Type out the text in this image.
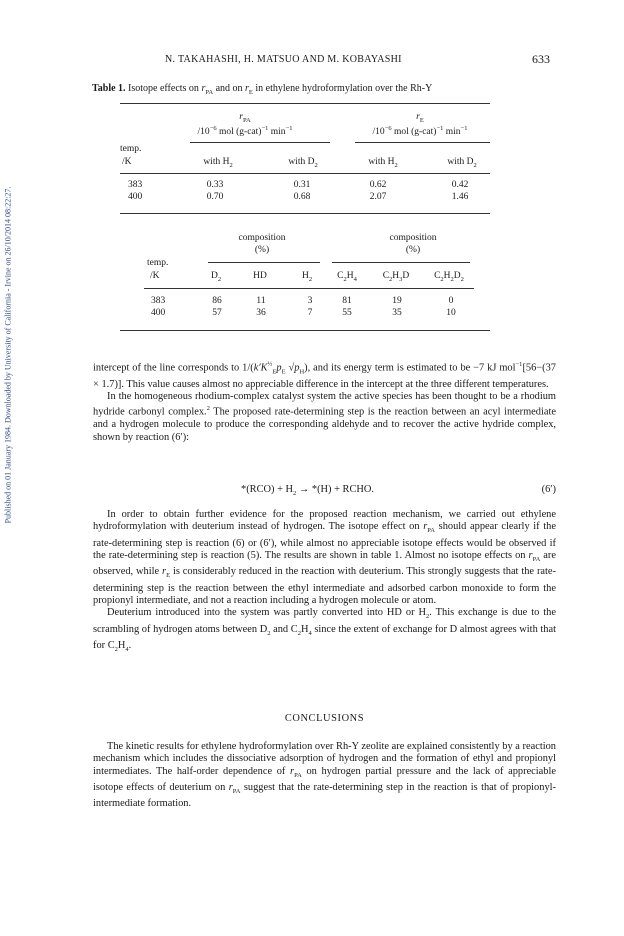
Published on 01 January 1984. Downloaded by University of California - Irvine on 26/10/2014 08:22:27.
N. TAKAHASHI, H. MATSUO AND M. KOBAYASHI	633
Table 1. Isotope effects on $r_{PA}$ and on $r_E$ in ethylene hydroformylation over the Rh-Y
$r_{PA}$
$/10^{-6}$ mol $(g-cat)^{-1}$ $\min^{-1}$
$r_E$
$/10^{-6}$ mol $(g-cat)^{-1}$ $\min^{-1}$
temp.
/K	with $H_2$	with $D_2$	with $H_2$	with $D_2$
383	0.33	0.31	0.62	0.42
400	0.70	0.68	2.07	1.46
composition
(%)
composition
(%)
temp.
/K	$D_2$	HD	$H_2$	$C_2H_4$	$C_2H_3D$	$C_2H_2D_2$
383	86	11	3	81	19	0
400	57	36	7	55	35	10

intercept of the line corresponds to $1/(k'K^{\frac{1}{2}}_Ep_E$ $√p_H$), and its energy term is estimated to be −7 kJ mol$^{-1}$[56−(37 × 1.7)]. This value causes almost no appreciable difference in the intercept at the three different temperatures.

In the homogeneous rhodium-complex catalyst system the active species has been thought to be a rhodium hydride carbonyl complex.$^2$ The proposed rate-determining step is the reaction between an acyl intermediate and a hydrogen molecule to produce the corresponding aldehyde and to recover the active hydride complex, shown by reaction (6′):

$*(RCO) + H_2 \to *(H)$ + RCHO.	(6′)

In order to obtain further evidence for the proposed reaction mechanism, we carried out ethylene hydroformylation with deuterium instead of hydrogen. The isotope effect on $r_{PA}$ should appear clearly if the rate-determining step is reaction (6) or (6′), while almost no appreciable isotope effects would be observed if the rate-determining step is reaction (5). The results are shown in table 1. Almost no isotope effects on $r_{PA}$ are observed, while $r_E$ is considerably reduced in the reaction with deuterium. This strongly suggests that the rate-determining step is the reaction between the ethyl intermediate and adsorbed carbon monoxide to form the propionyl intermediate, and not a reaction including a hydrogen molecule or atom.

Deuterium introduced into the system was partly converted into HD or $H_2$. This exchange is due to the scrambling of hydrogen atoms between $D_2$ and $C_2H_4$ since the extent of exchange for D almost agrees with that for $C_2H_4$.

CONCLUSIONS

The kinetic results for ethylene hydroformylation over Rh-Y zeolite are explained consistently by a reaction mechanism which includes the dissociative adsorption of hydrogen and the formation of ethyl and propionyl intermediates. The half-order dependence of $r_{PA}$ on hydrogen partial pressure and the lack of appreciable isotope effects of deuterium on $r_{PA}$ suggest that the rate-determining step in the reaction is that of propionyl-intermediate formation.
